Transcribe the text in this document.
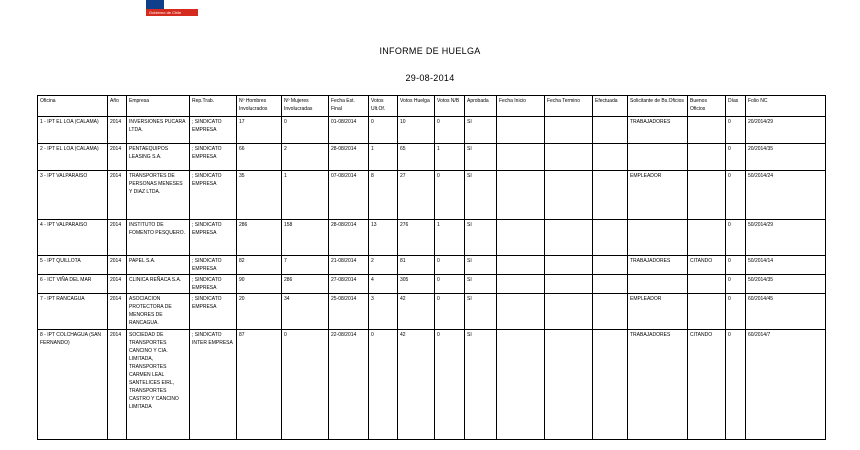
Gobierno de Chile
INFORME DE HUELGA
29-08-2014
Oficina	Año	Empresa	Rep.Trab.	Nº Hombres Involucrados	Nº Mujeres Involucradas	Fecha Est. Final	Votos Ult.Of.	Votos Huelga	Votos N/B	Aprobada	Fecha Inicio	Fecha Termino	Efectuada	Solicitante de Bs.Oficios	Buenos Oficios	Días	Folio NC
1 - IPT EL LOA (CALAMA)	2014	INVERSIONES PUCARA LTDA.	; SINDICATO EMPRESA	17	0	01-08/2014	0	10	0	SI				TRABAJADORES		0	20/2014/29
2 - IPT EL LOA (CALAMA)	2014	PENTAEQUIPOS LEASING S.A.	; SINDICATO EMPRESA	66	2	28-08/2014	1	65	1	SI						0	20/2014/35
3 - IPT VALPARAISO	2014	TRANSPORTES DE PERSONAS MENESES Y DIAZ LTDA.	; SINDICATO EMPRESA	35	1	07-08/2014	8	27	0	SI				EMPLEADOR		0	50/2014/24
4 - IPT VALPARAISO	2014	INSTITUTO DE FOMENTO PESQUERO.	; SINDICATO EMPRESA	286	158	28-08/2014	13	276	1	SI						0	50/2014/29
5 - IPT QUILLOTA	2014	PAPEL S.A.	; SINDICATO EMPRESA	82	7	21-08/2014	2	81	0	SI				TRABAJADORES	CITANDO	0	50/2014/14
6 - ICT VIÑA DEL MAR	2014	CLINICA REÑACA S.A.	; SINDICATO EMPRESA	90	286	27-08/2014	4	305	0	SI						0	50/2014/35
7 - IPT RANCAGUA	2014	ASOCIACION PROTECTORA DE MENORES DE RANCAGUA.	; SINDICATO EMPRESA	20	34	25-08/2014	3	42	0	SI				EMPLEADOR		0	60/2014/45
8 - IPT COLCHAGUA (SAN FERNANDO)	2014	SOCIEDAD DE TRANSPORTES CANCINO Y CIA. LIMITADA, TRANSPORTES CARMEN LEAL SANTELICES EIRL, TRANSPORTES CASTRO Y CANCINO LIMITADA	; SINDICATO INTER EMPRESA	87	0	22-08/2014	0	42	0	SI				TRABAJADORES	CITANDO	0	60/2014/7
